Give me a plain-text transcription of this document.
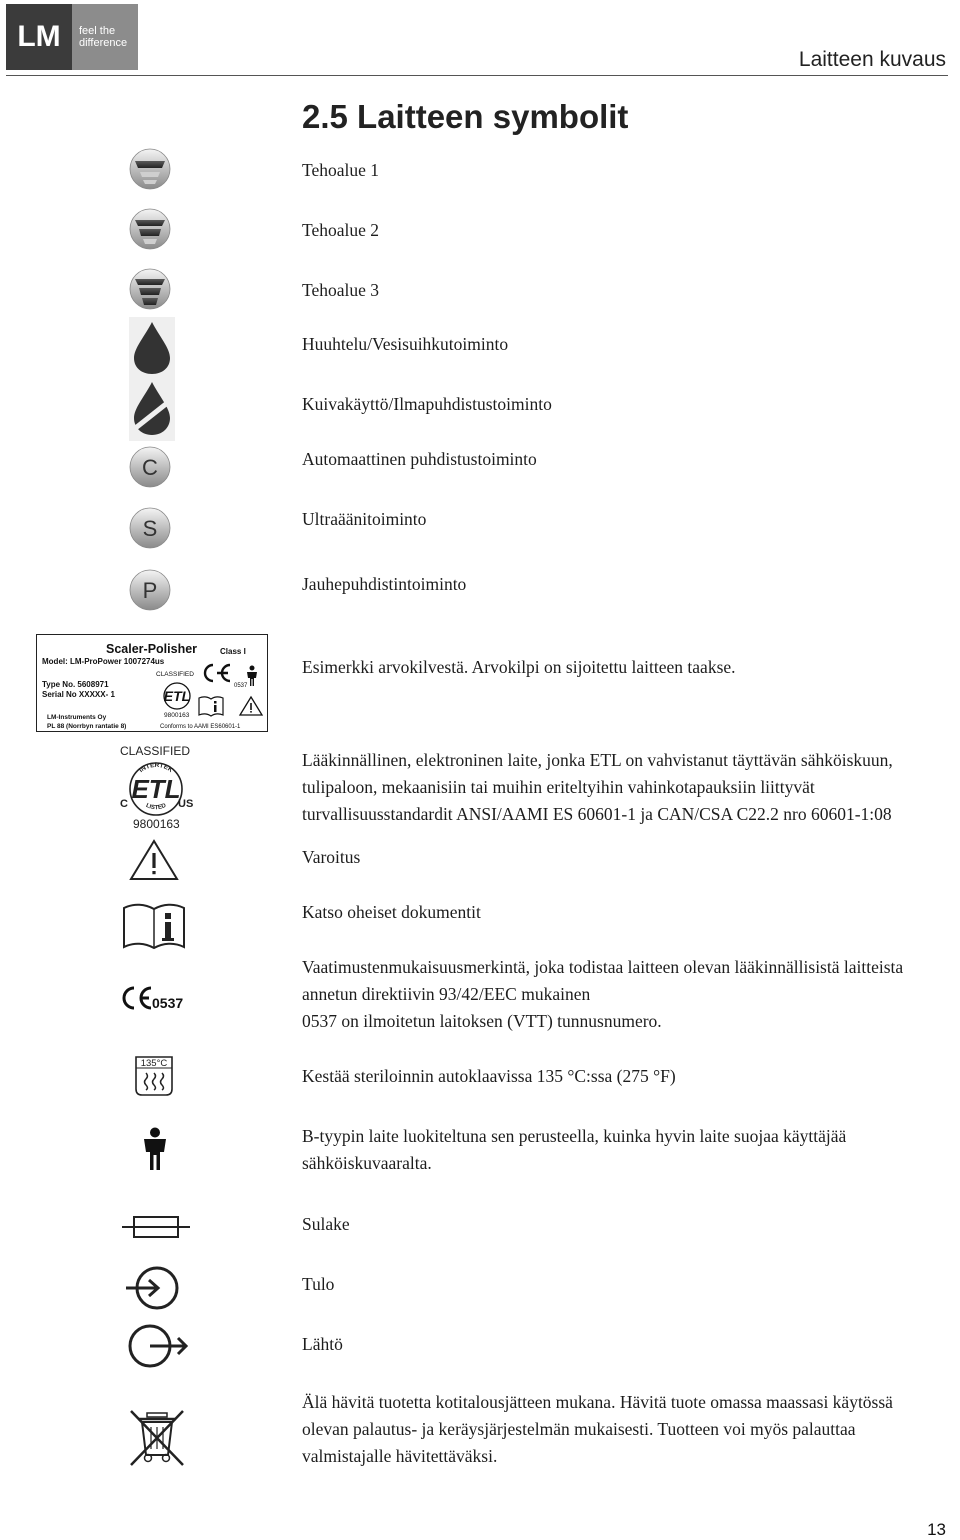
LM	feel the
difference
Laitteen kuvaus
2.5 Laitteen symbolit
C
S
P
Scaler-Polisher	Class I
Model: LM-ProPower 1007274us
CLASSIFIED
Type No. 5608971
Serial No XXXXX- 1
0537
9800163
LM-Instruments Oy
PL 88 (Norrbyn rantatie 8)	Conforms to AAMI ES60601-1
ETL
CLASSIFIED
INTERTEK
LISTED
ETL
C	US
9800163
0537
135°C
Tehoalue 1
Tehoalue 2
Tehoalue 3
Huuhtelu/Vesisuihkutoiminto
Kuivakäyttö/Ilmapuhdistustoiminto
Automaattinen puhdistustoiminto
Ultraäänitoiminto
Jauhepuhdistintoiminto
Esimerkki arvokilvestä. Arvokilpi on sijoitettu laitteen taakse.
Lääkinnällinen, elektroninen laite, jonka ETL on vahvistanut täyttävän sähköiskuun, tulipaloon, mekaanisiin tai muihin eriteltyihin vahinkotapauksiin liittyvät turvallisuusstandardit ANSI/AAMI ES 60601-1 ja CAN/CSA C22.2 nro 60601-1:08
Varoitus
Katso oheiset dokumentit
Vaatimustenmukaisuusmerkintä, joka todistaa laitteen olevan lääkinnällisistä laitteista annetun direktiivin 93/42/EEC mukainen
0537 on ilmoitetun laitoksen (VTT) tunnusnumero.
Kestää steriloinnin autoklaavissa 135 °C:ssa (275 °F)
B-tyypin laite luokiteltuna sen perusteella, kuinka hyvin laite suojaa käyttäjää sähköiskuvaaralta.
Sulake
Tulo
Lähtö
Älä hävitä tuotetta kotitalousjätteen mukana. Hävitä tuote omassa maassasi käytössä olevan palautus- ja keräysjärjestelmän mukaisesti. Tuotteen voi myös palauttaa valmistajalle hävitettäväksi.
13
